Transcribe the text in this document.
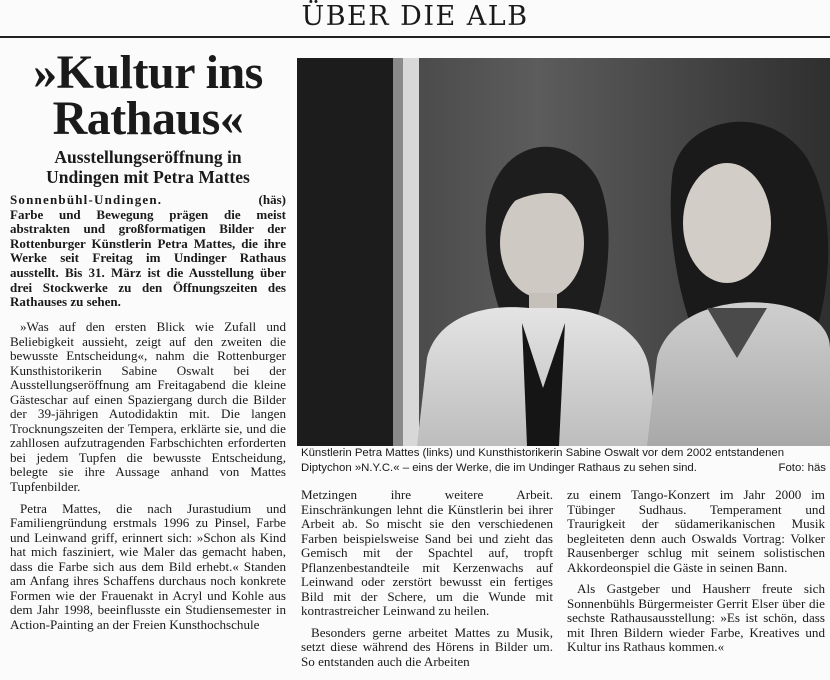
ÜBER DIE ALB
»Kultur ins
Rathaus«
Ausstellungseröffnung in
Undingen mit Petra Mattes
Sonnenbühl-Undingen.	(häs)
Farbe und Bewegung prägen die meist abstrakten und großformatigen Bilder der Rottenburger Künstlerin Petra Mattes, die ihre Werke seit Freitag im Undinger Rathaus ausstellt. Bis 31. März ist die Ausstellung über drei Stockwerke zu den Öffnungszeiten des Rathauses zu sehen.

»Was auf den ersten Blick wie Zufall und Beliebigkeit aussieht, zeigt auf den zweiten die bewusste Entscheidung«, nahm die Rottenburger Kunsthistorikerin Sabine Oswalt bei der Ausstellungseröffnung am Freitagabend die kleine Gästeschar auf einen Spaziergang durch die Bilder der 39-jährigen Autodidaktin mit. Die langen Trocknungszeiten der Tempera, erklärte sie, und die zahllosen aufzutragenden Farbschichten erforderten bei jedem Tupfen die bewusste Entscheidung, belegte sie ihre Aussage anhand von Mattes Tupfenbilder.

Petra Mattes, die nach Jurastudium und Familiengründung erstmals 1996 zu Pinsel, Farbe und Leinwand griff, erinnert sich: »Schon als Kind hat mich fasziniert, wie Maler das gemacht haben, dass die Farbe sich aus dem Bild erhebt.« Standen am Anfang ihres Schaffens durchaus noch konkrete Formen wie der Frauenakt in Acryl und Kohle aus dem Jahr 1998, beeinflusste ein Studiensemester in Action-Painting an der Freien Kunsthochschule

Künstlerin Petra Mattes (links) und Kunsthistorikerin Sabine Oswalt vor dem 2002 entstandenen Diptychon »N.Y.C.« – eins der Werke, die im Undinger Rathaus zu sehen sind.	Foto: häs

Metzingen ihre weitere Arbeit. Einschränkungen lehnt die Künstlerin bei ihrer Arbeit ab. So mischt sie den verschiedenen Farben beispielsweise Sand bei und zieht das Gemisch mit der Spachtel auf, tropft Pflanzenbestandteile mit Kerzenwachs auf Leinwand oder zerstört bewusst ein fertiges Bild mit der Schere, um die Wunde mit kontrastreicher Leinwand zu heilen.

Besonders gerne arbeitet Mattes zu Musik, setzt diese während des Hörens in Bilder um. So entstanden auch die Arbeiten

zu einem Tango-Konzert im Jahr 2000 im Tübinger Sudhaus. Temperament und Traurigkeit der südamerikanischen Musik begleiteten denn auch Oswalds Vortrag: Volker Rausenberger schlug mit seinem solistischen Akkordeonspiel die Gäste in seinen Bann.

Als Gastgeber und Hausherr freute sich Sonnenbühls Bürgermeister Gerrit Elser über die sechste Rathausausstellung: »Es ist schön, dass mit Ihren Bildern wieder Farbe, Kreatives und Kultur ins Rathaus kommen.«
